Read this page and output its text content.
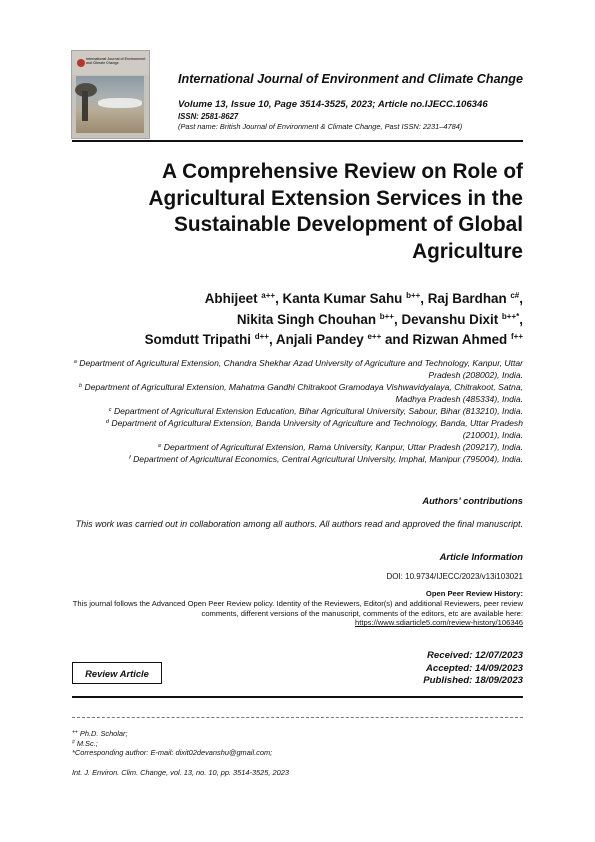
International Journal of Environment and Climate Change
International Journal of Environment and Climate Change
Volume 13, Issue 10, Page 3514-3525, 2023; Article no.IJECC.106346
ISSN: 2581-8627
(Past name: British Journal of Environment & Climate Change, Past ISSN: 2231–4784)
A Comprehensive Review on Role of Agricultural Extension Services in the Sustainable Development of Global Agriculture
Abhijeet $^{a++}$, Kanta Kumar Sahu $^{b++}$, Raj Bardhan $^{c\#}$,
Nikita Singh Chouhan $^{b++}$, Devanshu Dixit $^{b++*}$,
Somdutt Tripathi $^{d++}$, Anjali Pandey $^{e++}$ and Rizwan Ahmed $^{f++}$
$^a$ Department of Agricultural Extension, Chandra Shekhar Azad University of Agriculture and Technology, Kanpur, Uttar Pradesh (208002), India.
$^b$ Department of Agricultural Extension, Mahatma Gandhi Chitrakoot Gramodaya Vishwavidyalaya, Chitrakoot, Satna, Madhya Pradesh (485334), India.
$^c$ Department of Agricultural Extension Education, Bihar Agricultural University, Sabour, Bihar (813210), India.
$^d$ Department of Agricultural Extension, Banda University of Agriculture and Technology, Banda, Uttar Pradesh (210001), India.
$^e$ Department of Agricultural Extension, Rama University, Kanpur, Uttar Pradesh (209217), India.
$^f$ Department of Agricultural Economics, Central Agricultural University, Imphal, Manipur (795004), India.
Authors’ contributions
This work was carried out in collaboration among all authors. All authors read and approved the final manuscript.
Article Information
DOI: 10.9734/IJECC/2023/v13i103021
Open Peer Review History:
This journal follows the Advanced Open Peer Review policy. Identity of the Reviewers, Editor(s) and additional Reviewers, peer review comments, different versions of the manuscript, comments of the editors, etc are available here:
https://www.sdiarticle5.com/review-history/106346
Review Article
Received: 12/07/2023
Accepted: 14/09/2023
Published: 18/09/2023
++ Ph.D. Scholar;
# M.Sc.;
*Corresponding author: E-mail: dixit02devanshu@gmail.com;
Int. J. Environ. Clim. Change, vol. 13, no. 10, pp. 3514-3525, 2023
